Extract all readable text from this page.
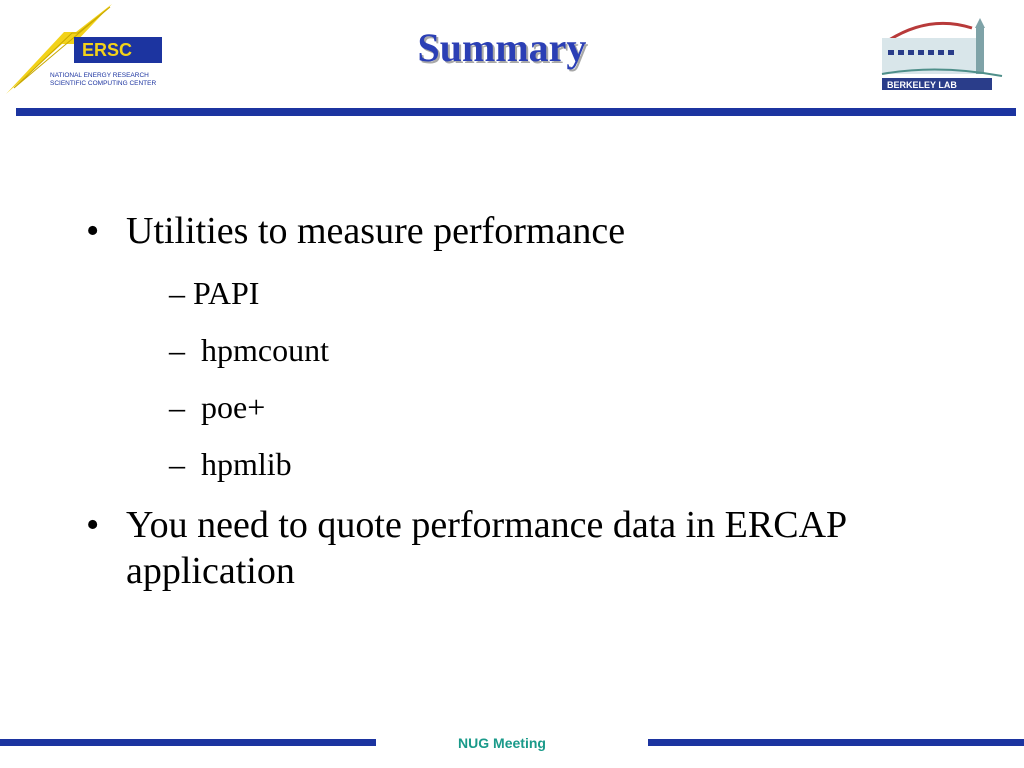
ERSC
NATIONAL ENERGY RESEARCH
SCIENTIFIC COMPUTING CENTER
Summary
BERKELEY LAB
• Utilities to measure performance
– PAPI
–  hpmcount
–  poe+
–  hpmlib
• You need to quote performance data in ERCAP application
NUG Meeting
